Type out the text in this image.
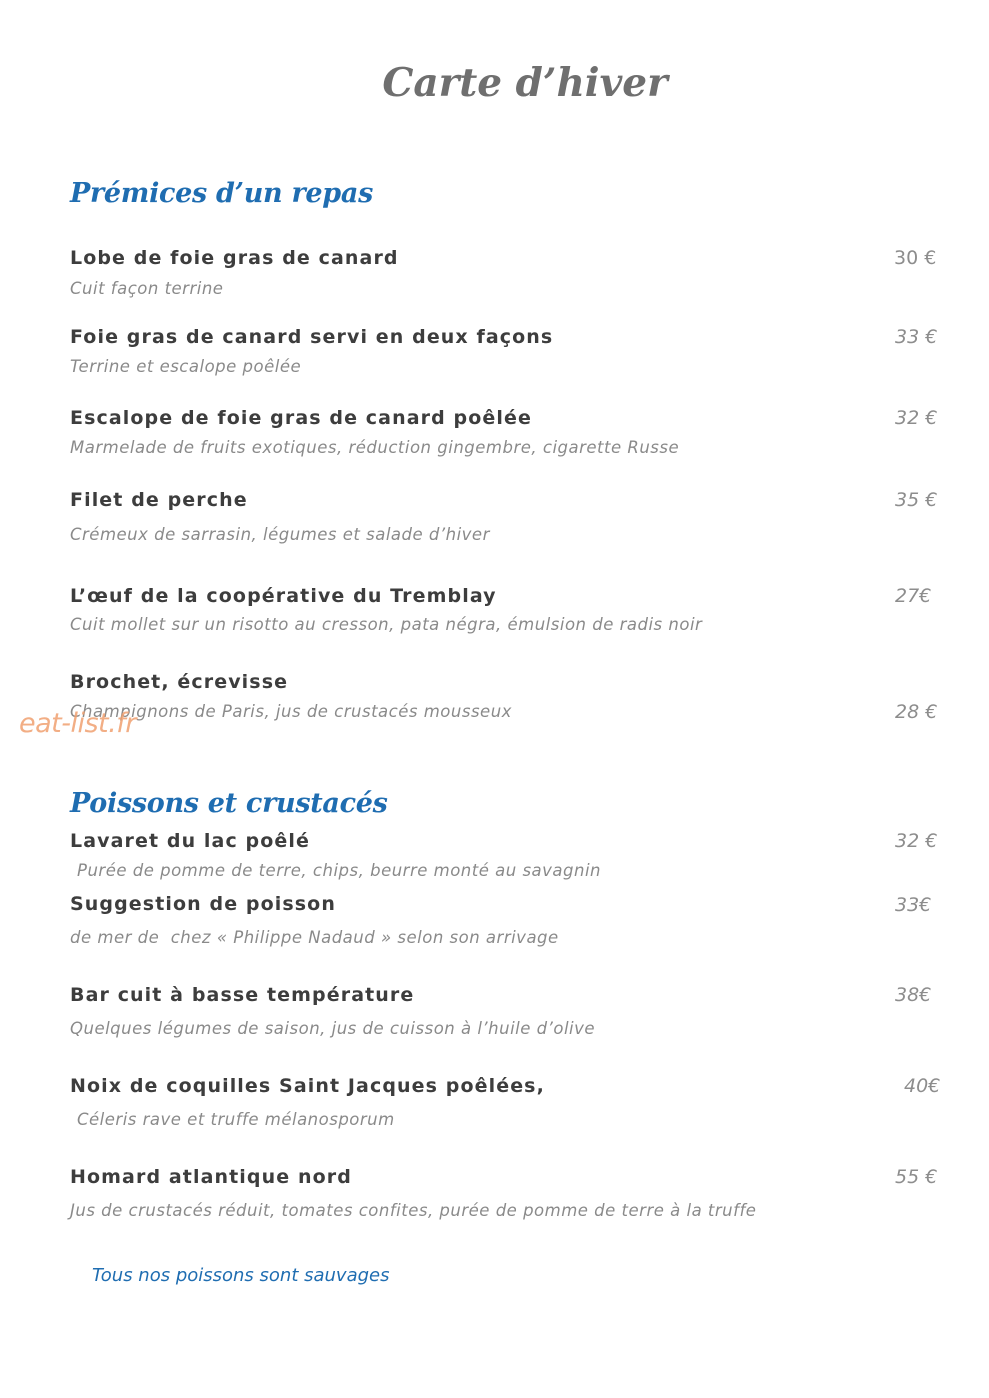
Carte d’hiver
Prémices d’un repas
Lobe de foie gras de canard
Cuit façon terrine
30 €
Foie gras de canard servi en deux façons
Terrine et escalope poêlée
33 €
Escalope de foie gras de canard poêlée
Marmelade de fruits exotiques, réduction gingembre, cigarette Russe
32 €
Filet de perche
Crémeux de sarrasin, légumes et salade d’hiver
35 €
L’œuf de la coopérative du Tremblay
Cuit mollet sur un risotto au cresson, pata négra, émulsion de radis noir
27€
Brochet, écrevisse
Champignons de Paris, jus de crustacés mousseux	28 €
eat-list.fr
Poissons et crustacés
Lavaret du lac poêlé
Purée de pomme de terre, chips, beurre monté au savagnin
32 €
Suggestion de poisson
de mer de  chez « Philippe Nadaud » selon son arrivage
33€
Bar cuit à basse température
Quelques légumes de saison, jus de cuisson à l’huile d’olive
38€
Noix de coquilles Saint Jacques poêlées,
Céleris rave et truffe mélanosporum
40€
Homard atlantique nord
Jus de crustacés réduit, tomates confites, purée de pomme de terre à la truffe
55 €
Tous nos poissons sont sauvages
